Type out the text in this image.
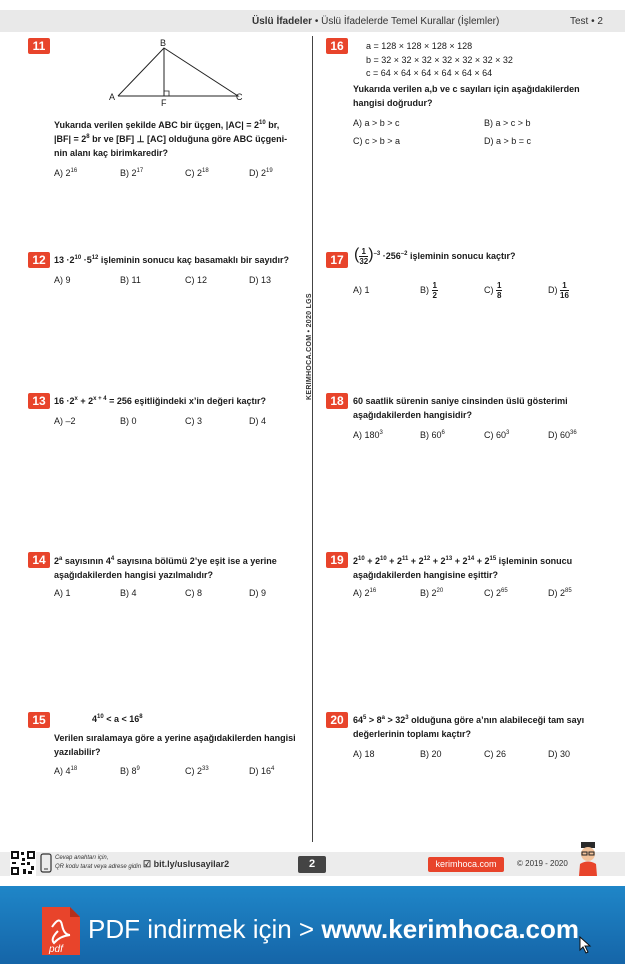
Üslü İfadeler • Üslü İfadelerde Temel Kurallar (İşlemler)	Test • 2
KERIMHOCA.COM • 2020 LGS
11	B
A
F
C
Yukarıda verilen şekilde ABC bir üçgen, $|AC| = 2^{10}$ br,
$|BF| = 2^8$ br ve [BF] ⊥ [AC] olduğuna göre ABC üçgeni-
nin alanı kaç birimkaredir?
A) $2^{16}$	B) $2^{17}$	C) $2^{18}$	D) $2^{19}$
12 $13 \cdot 2^{10} \cdot 5^{12}$ işleminin sonucu kaç basamaklı bir sayıdır?
A) 9	B) 11	C) 12	D) 13
13 $16 \cdot 2^x + 2^{x + 4} = 256$ eşitliğindeki x’in değeri kaçtır?
A) –2	B) 0	C) 3	D) 4
14 2$^a$ sayısının $4^4$ sayısına bölümü 2’ye eşit ise a yerine
aşağıdakilerden hangisi yazılmalıdır?
A) 1	B) 4	C) 8	D) 9
15	$4^{10} < a < 16^8$
Verilen sıralamaya göre a yerine aşağıdakilerden hangisi
yazılabilir?
A) $4^{18}$	B) $8^9$	C) $2^{33}$	D) $16^4$
16	a = 128 × 128 × 128 × 128
b = 32 × 32 × 32 × 32 × 32 × 32 × 32
c = 64 × 64 × 64 × 64 × 64 × 64
Yukarıda verilen a,b ve c sayıları için aşağıdakilerden
hangisi doğrudur?
A) a > b > c	B) a > c > b
C) c > b > a	D) a > b = c
17 ( $\frac{1}{32} )^{-3} \cdot 256^{-2}$ işleminin sonucu kaçtır?
A) 1	$B) \frac{1}{2}$	$C) \frac{1}{8}$	$D) \frac{1}{16}$
18	60 saatlik sürenin saniye cinsinden üslü gösterimi
aşağıdakilerden hangisidir?
A) $180^3$	B) $60^6$	C) $60^3$	D) $60^{36}$
19	$2^{10} + 2^{10} + 2^{11} + 2^{12} + 2^{13} + 2^{14} + 2^{15}$ işleminin sonucu
aşağıdakilerden hangisine eşittir?
A) $2^{16}$	B) $2^{20}$	C) $2^{65}$	D) $2^{85}$
20	$64^5 > 8^a > 32^3$ olduğuna göre a’nın alabileceği tam sayı
değerlerinin toplamı kaçtır?
A) 18	B) 20	C) 26	D) 30
Cevap anahtarı için,
QR kodu tarat veya adrese gidin ☑ bit.ly/uslusayilar2	2	kerimhoca.com	© 2019 - 2020
pdf
PDF indirmek için > www.kerimhoca.com
